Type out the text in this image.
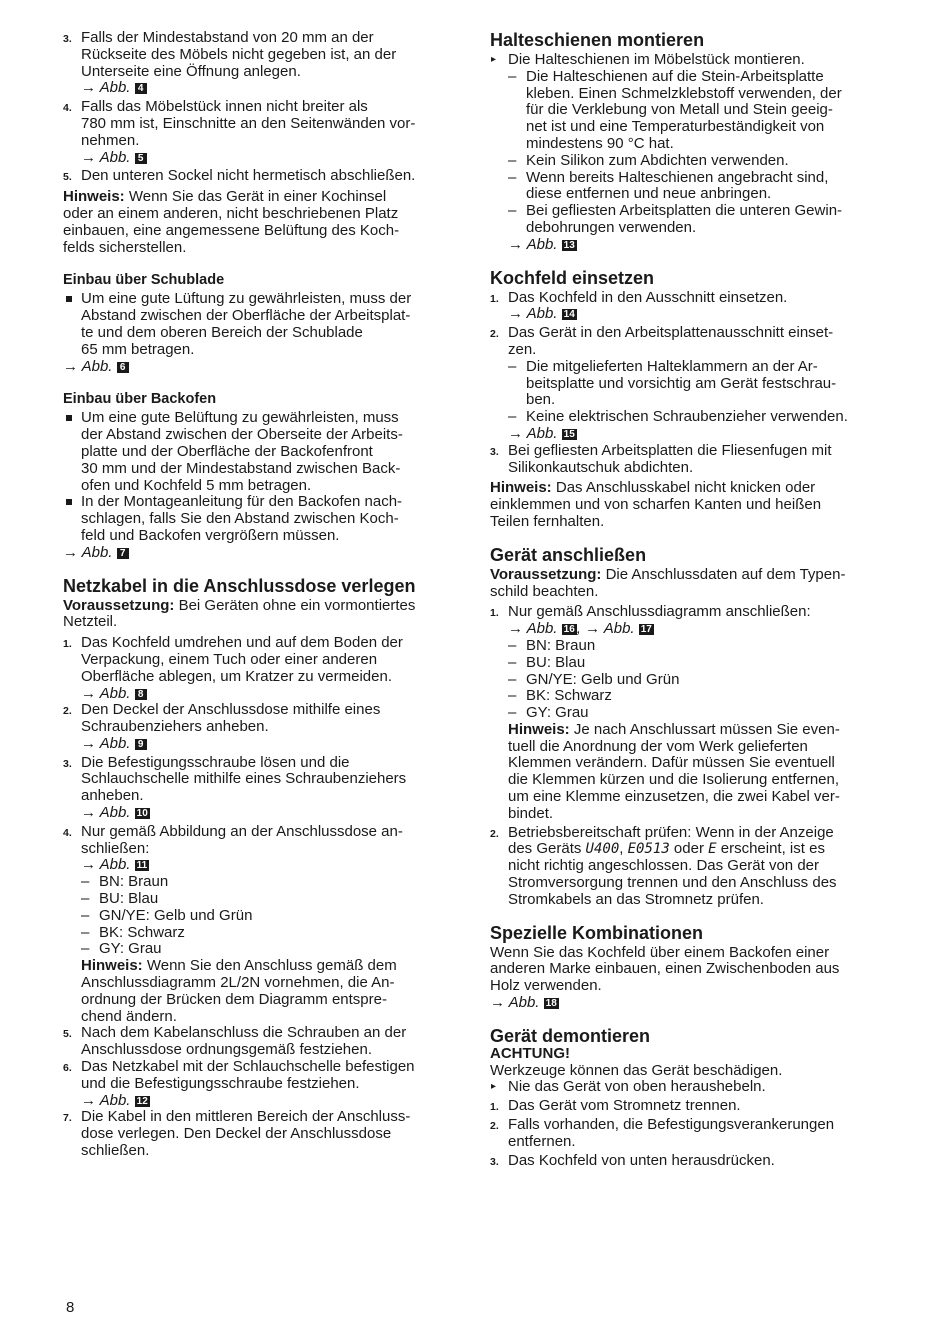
3. Falls der Mindestabstand von 20 mm an der
Rückseite des Möbels nicht gegeben ist, an der
Unterseite eine Öffnung anlegen.
→ Abb. 4
4. Falls das Möbelstück innen nicht breiter als
780 mm ist, Einschnitte an den Seitenwänden vor-
nehmen.
→ Abb. 5
5. Den unteren Sockel nicht hermetisch abschließen.
Hinweis: Wenn Sie das Gerät in einer Kochinsel
oder an einem anderen, nicht beschriebenen Platz
einbauen, eine angemessene Belüftung des Koch-
felds sicherstellen.
Einbau über Schublade
Um eine gute Lüftung zu gewährleisten, muss der
Abstand zwischen der Oberfläche der Arbeitsplat-
te und dem oberen Bereich der Schublade
65 mm betragen.
→ Abb. 6
Einbau über Backofen
Um eine gute Belüftung zu gewährleisten, muss
der Abstand zwischen der Oberseite der Arbeits-
platte und der Oberfläche der Backofenfront
30 mm und der Mindestabstand zwischen Back-
ofen und Kochfeld 5 mm betragen.
In der Montageanleitung für den Backofen nach-
schlagen, falls Sie den Abstand zwischen Koch-
feld und Backofen vergrößern müssen.
→ Abb. 7
Netzkabel in die Anschlussdose verlegen
Voraussetzung: Bei Geräten ohne ein vormontiertes
Netzteil.
1. Das Kochfeld umdrehen und auf dem Boden der
Verpackung, einem Tuch oder einer anderen
Oberfläche ablegen, um Kratzer zu vermeiden.
→ Abb. 8
2. Den Deckel der Anschlussdose mithilfe eines
Schraubenziehers anheben.
→ Abb. 9
3. Die Befestigungsschraube lösen und die
Schlauchschelle mithilfe eines Schraubenziehers
anheben.
→ Abb. 10
4. Nur gemäß Abbildung an der Anschlussdose an-
schließen:
→ Abb. 11
– BN: Braun
– BU: Blau
– GN/YE: Gelb und Grün
– BK: Schwarz
– GY: Grau
Hinweis: Wenn Sie den Anschluss gemäß dem
Anschlussdiagramm 2L/2N vornehmen, die An-
ordnung der Brücken dem Diagramm entspre-
chend ändern.
5. Nach dem Kabelanschluss die Schrauben an der
Anschlussdose ordnungsgemäß festziehen.
6. Das Netzkabel mit der Schlauchschelle befestigen
und die Befestigungsschraube festziehen.
→ Abb. 12
7. Die Kabel in den mittleren Bereich der Anschluss-
dose verlegen. Den Deckel der Anschlussdose
schließen.
Halteschienen montieren
▸ Die Halteschienen im Möbelstück montieren.
– Die Halteschienen auf die Stein-Arbeitsplatte
kleben. Einen Schmelzklebstoff verwenden, der
für die Verklebung von Metall und Stein geeig-
net ist und eine Temperaturbeständigkeit von
mindestens 90 °C hat.
– Kein Silikon zum Abdichten verwenden.
– Wenn bereits Halteschienen angebracht sind,
diese entfernen und neue anbringen.
– Bei gefliesten Arbeitsplatten die unteren Gewin-
debohrungen verwenden.
→ Abb. 13
Kochfeld einsetzen
1. Das Kochfeld in den Ausschnitt einsetzen.
→ Abb. 14
2. Das Gerät in den Arbeitsplattenausschnitt einset-
zen.
– Die mitgelieferten Halteklammern an der Ar-
beitsplatte und vorsichtig am Gerät festschrau-
ben.
– Keine elektrischen Schraubenzieher verwenden.
→ Abb. 15
3. Bei gefliesten Arbeitsplatten die Fliesenfugen mit
Silikonkautschuk abdichten.
Hinweis: Das Anschlusskabel nicht knicken oder
einklemmen und von scharfen Kanten und heißen
Teilen fernhalten.
Gerät anschließen
Voraussetzung: Die Anschlussdaten auf dem Typen-
schild beachten.
1. Nur gemäß Anschlussdiagramm anschließen:
→ Abb. 16 , → Abb. 17
– BN: Braun
– BU: Blau
– GN/YE: Gelb und Grün
– BK: Schwarz
– GY: Grau
Hinweis: Je nach Anschlussart müssen Sie even-
tuell die Anordnung der vom Werk gelieferten
Klemmen verändern. Dafür müssen Sie eventuell
die Klemmen kürzen und die Isolierung entfernen,
um eine Klemme einzusetzen, die zwei Kabel ver-
bindet.
2. Betriebsbereitschaft prüfen: Wenn in der Anzeige
des Geräts U400, E0513 oder E erscheint, ist es
nicht richtig angeschlossen. Das Gerät von der
Stromversorgung trennen und den Anschluss des
Stromkabels an das Stromnetz prüfen.
Spezielle Kombinationen
Wenn Sie das Kochfeld über einem Backofen einer
anderen Marke einbauen, einen Zwischenboden aus
Holz verwenden.
→ Abb. 18
Gerät demontieren
ACHTUNG!
Werkzeuge können das Gerät beschädigen.
▸ Nie das Gerät von oben heraushebeln.
1. Das Gerät vom Stromnetz trennen.
2. Falls vorhanden, die Befestigungsverankerungen
entfernen.
3. Das Kochfeld von unten herausdrücken.
8
